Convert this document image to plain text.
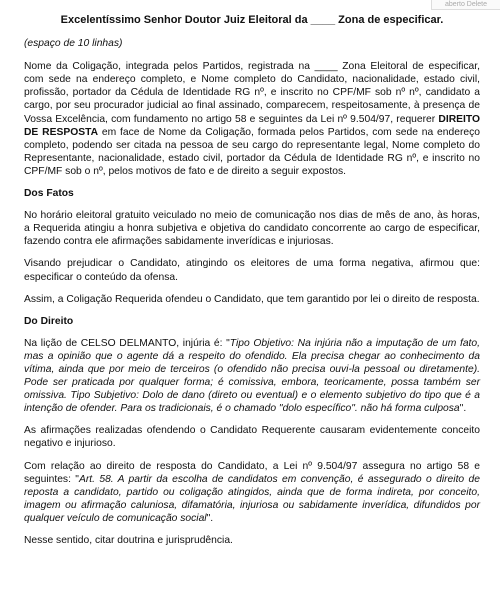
aberto Delete
Excelentíssimo Senhor Doutor Juiz Eleitoral da ____ Zona de especificar.

(espaço de 10 linhas)

Nome da Coligação, integrada pelos Partidos, registrada na ____ Zona Eleitoral de especificar, com sede na endereço completo, e Nome completo do Candidato, nacionalidade, estado civil, profissão, portador da Cédula de Identidade RG nº, e inscrito no CPF/MF sob nº nº, candidato a cargo, por seu procurador judicial ao final assinado, comparecem, respeitosamente, à presença de Vossa Excelência, com fundamento no artigo 58 e seguintes da Lei nº 9.504/97, requerer DIREITO DE RESPOSTA em face de Nome da Coligação, formada pelos Partidos, com sede na endereço completo, podendo ser citada na pessoa de seu cargo do representante legal, Nome completo do Representante, nacionalidade, estado civil, portador da Cédula de Identidade RG nº, e inscrito no CPF/MF sob o nº, pelos motivos de fato e de direito a seguir expostos.

Dos Fatos

No horário eleitoral gratuito veiculado no meio de comunicação nos dias de mês de ano, às horas, a Requerida atingiu a honra subjetiva e objetiva do candidato concorrente ao cargo de especificar, fazendo contra ele afirmações sabidamente inverídicas e injuriosas.

Visando prejudicar o Candidato, atingindo os eleitores de uma forma negativa, afirmou que: especificar o conteúdo da ofensa.

Assim, a Coligação Requerida ofendeu o Candidato, que tem garantido por lei o direito de resposta.

Do Direito

Na lição de CELSO DELMANTO, injúria é: "Tipo Objetivo: Na injúria não a imputação de um fato, mas a opinião que o agente dá a respeito do ofendido. Ela precisa chegar ao conhecimento da vítima, ainda que por meio de terceiros (o ofendido não precisa ouvi-la pessoal ou diretamente). Pode ser praticada por qualquer forma; é comissiva, embora, teoricamente, possa também ser omissiva. Tipo Subjetivo: Dolo de dano (direto ou eventual) e o elemento subjetivo do tipo que é a intenção de ofender. Para os tradicionais, é o chamado "dolo específico". não há forma culposa".

As afirmações realizadas ofendendo o Candidato Requerente causaram evidentemente conceito negativo e injurioso.

Com relação ao direito de resposta do Candidato, a Lei nº 9.504/97 assegura no artigo 58 e seguintes: "Art. 58. A partir da escolha de candidatos em convenção, é assegurado o direito de reposta a candidato, partido ou coligação atingidos, ainda que de forma indireta, por conceito, imagem ou afirmação caluniosa, difamatória, injuriosa ou sabidamente inverídica, difundidos por qualquer veículo de comunicação social".

Nesse sentido, citar doutrina e jurisprudência.
